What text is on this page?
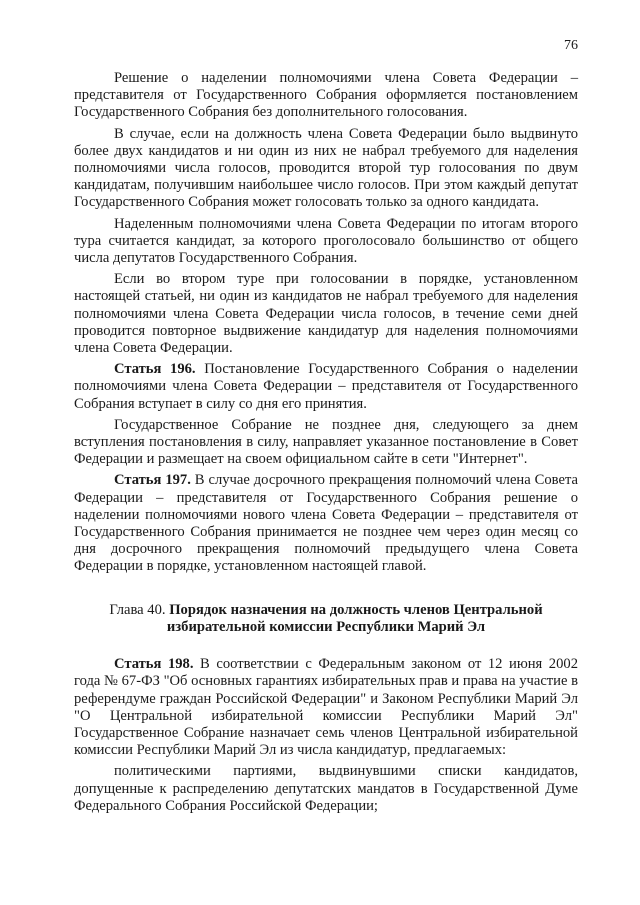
76

Решение о наделении полномочиями члена Совета Федерации – представителя от Государственного Собрания оформляется постановлением Государственного Собрания без дополнительного голосования.

В случае, если на должность члена Совета Федерации было выдвинуто более двух кандидатов и ни один из них не набрал требуемого для наделения полномочиями числа голосов, проводится второй тур голосования по двум кандидатам, получившим наибольшее число голосов. При этом каждый депутат Государственного Собрания может голосовать только за одного кандидата.

Наделенным полномочиями члена Совета Федерации по итогам второго тура считается кандидат, за которого проголосовало большинство от общего числа депутатов Государственного Собрания.

Если во втором туре при голосовании в порядке, установленном настоящей статьей, ни один из кандидатов не набрал требуемого для наделения полномочиями члена Совета Федерации числа голосов, в течение семи дней проводится повторное выдвижение кандидатур для наделения полномочиями члена Совета Федерации.

Статья 196. Постановление Государственного Собрания о наделении полномочиями члена Совета Федерации – представителя от Государственного Собрания вступает в силу со дня его принятия.

Государственное Собрание не позднее дня, следующего за днем вступления постановления в силу, направляет указанное постановление в Совет Федерации и размещает на своем официальном сайте в сети "Интернет".

Статья 197. В случае досрочного прекращения полномочий члена Совета Федерации – представителя от Государственного Собрания решение о наделении полномочиями нового члена Совета Федерации – представителя от Государственного Собрания принимается не позднее чем через один месяц со дня досрочного прекращения полномочий предыдущего члена Совета Федерации в порядке, установленном настоящей главой.

Глава 40. Порядок назначения на должность членов Центральной избирательной комиссии Республики Марий Эл

Статья 198. В соответствии с Федеральным законом от 12 июня 2002 года № 67-ФЗ "Об основных гарантиях избирательных прав и права на участие в референдуме граждан Российской Федерации" и Законом Республики Марий Эл "О Центральной избирательной комиссии Республики Марий Эл" Государственное Собрание назначает семь членов Центральной избирательной комиссии Республики Марий Эл из числа кандидатур, предлагаемых:

политическими партиями, выдвинувшими списки кандидатов, допущенные к распределению депутатских мандатов в Государственной Думе Федерального Собрания Российской Федерации;
